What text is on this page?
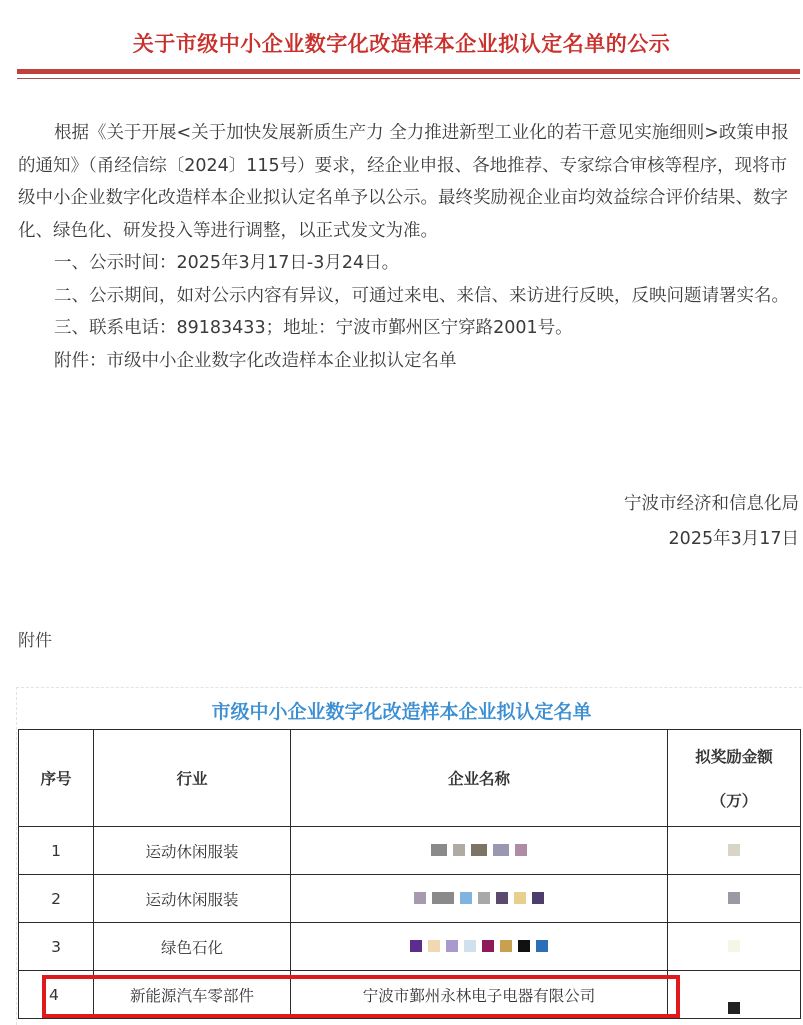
关于市级中小企业数字化改造样本企业拟认定名单的公示

根据《关于开展<关于加快发展新质生产力 全力推进新型工业化的若干意见实施细则>政策申报的通知》（甬经信综〔2024〕115号）要求，经企业申报、各地推荐、专家综合审核等程序，现将市级中小企业数字化改造样本企业拟认定名单予以公示。最终奖励视企业亩均效益综合评价结果、数字化、绿色化、研发投入等进行调整，以正式发文为准。

一、公示时间：2025年3月17日-3月24日。

二、公示期间，如对公示内容有异议，可通过来电、来信、来访进行反映，反映问题请署实名。

三、联系电话：89183433；地址：宁波市鄞州区宁穿路2001号。

附件：市级中小企业数字化改造样本企业拟认定名单

宁波市经济和信息化局
2025年3月17日
附件
市级中小企业数字化改造样本企业拟认定名单
序号	行业	企业名称	拟奖励金额
（万）

1	运动休闲服装	

2	运动休闲服装	

3	绿色石化	

4	新能源汽车零部件	宁波市鄞州永林电子电器有限公司	
